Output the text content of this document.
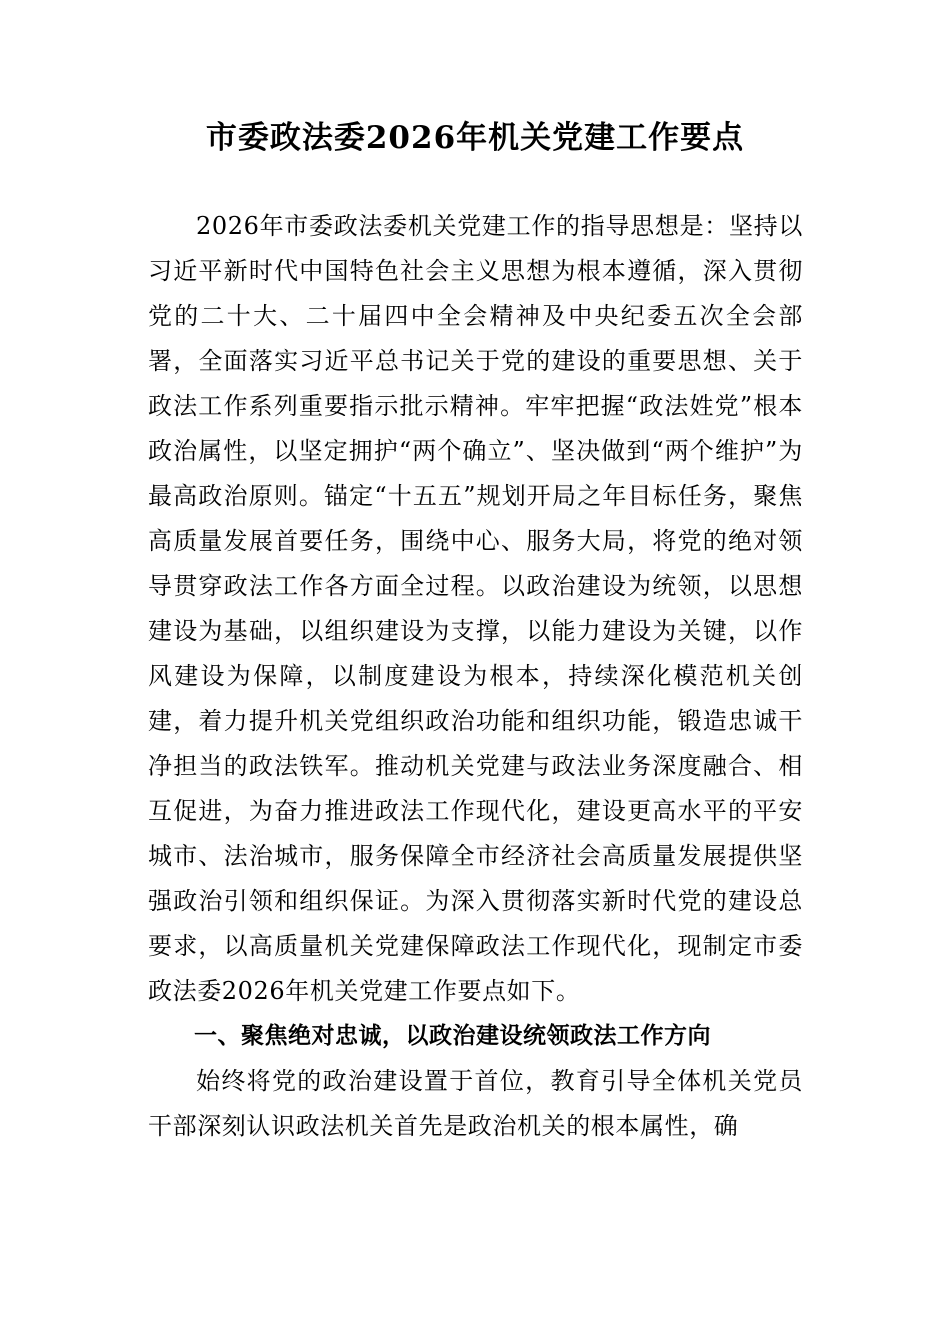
市委政法委2026年机关党建工作要点

2026年市委政法委机关党建工作的指导思想是：坚持以习近平新时代中国特色社会主义思想为根本遵循，深入贯彻党的二十大、二十届四中全会精神及中央纪委五次全会部署，全面落实习近平总书记关于党的建设的重要思想、关于政法工作系列重要指示批示精神。牢牢把握“政法姓党”根本政治属性，以坚定拥护“两个确立”、坚决做到“两个维护”为最高政治原则。锚定“十五五”规划开局之年目标任务，聚焦高质量发展首要任务，围绕中心、服务大局，将党的绝对领导贯穿政法工作各方面全过程。以政治建设为统领，以思想建设为基础，以组织建设为支撑，以能力建设为关键，以作风建设为保障，以制度建设为根本，持续深化模范机关创建，着力提升机关党组织政治功能和组织功能，锻造忠诚干净担当的政法铁军。推动机关党建与政法业务深度融合、相互促进，为奋力推进政法工作现代化，建设更高水平的平安城市、法治城市，服务保障全市经济社会高质量发展提供坚强政治引领和组织保证。为深入贯彻落实新时代党的建设总要求，以高质量机关党建保障政法工作现代化，现制定市委政法委2026年机关党建工作要点如下。

一、聚焦绝对忠诚，以政治建设统领政法工作方向

始终将党的政治建设置于首位，教育引导全体机关党员干部深刻认识政法机关首先是政治机关的根本属性，确
